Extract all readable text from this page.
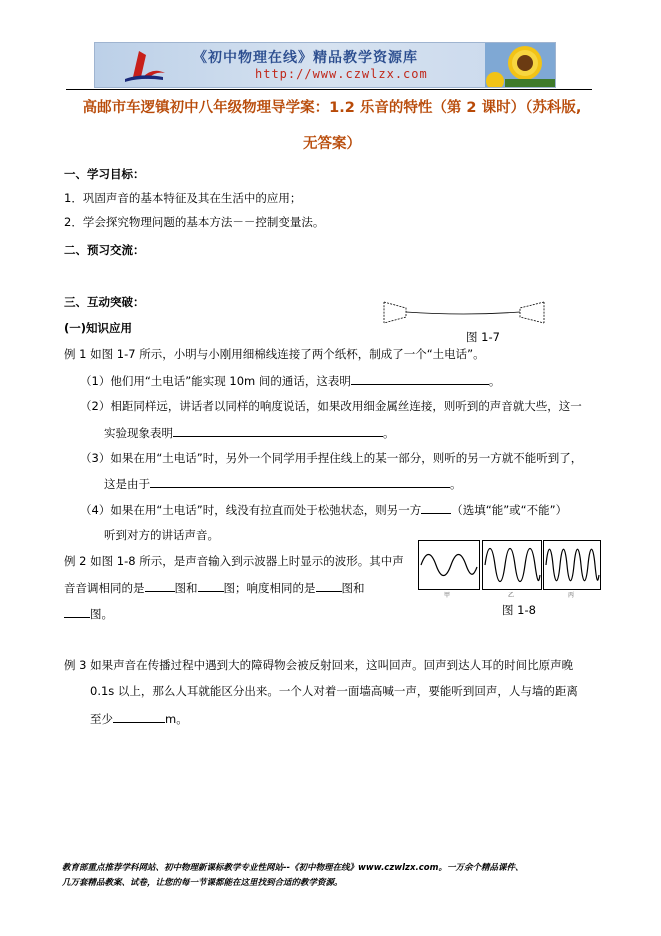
《初中物理在线》精品教学资源库
http://www.czwlzx.com
高邮市车逻镇初中八年级物理导学案：1.2 乐音的特性（第 2 课时）（苏科版,
无答案）
一、学习目标：
1．巩固声音的基本特征及其在生活中的应用；
2．学会探究物理问题的基本方法－－控制变量法。
二、预习交流：
三、互动突破：
(一)知识应用
图 1-7
例 1 如图 1-7 所示，小明与小刚用细棉线连接了两个纸杯，制成了一个“土电话”。
（1）他们用“土电话”能实现 10m 间的通话，这表明	。
（2）相距同样远，讲话者以同样的响度说话，如果改用细金属丝连接，则听到的声音就大些，这一
实验现象表明	。
（3）如果在用“土电话”时，另外一个同学用手捏住线上的某一部分，则听的另一方就不能听到了，
这是由于	。
（4）如果在用“土电话”时，线没有拉直而处于松弛状态，则另一方	（选填“能”或“不能”）
听到对方的讲话声音。
例 2 如图 1-8 所示，是声音输入到示波器上时显示的波形。其中声
音音调相同的是	图和 图；响度相同的是 图和
图。
甲	乙	丙
图 1-8
例 3 如果声音在传播过程中遇到大的障碍物会被反射回来，这叫回声。回声到达人耳的时间比原声晚
0.1s 以上，那么人耳就能区分出来。一个人对着一面墙高喊一声，要能听到回声，人与墙的距离
至少	m。
教育部重点推荐学科网站、初中物理新课标教学专业性网站--《初中物理在线》www.czwlzx.com。一万余个精品课件、
几万套精品教案、试卷，让您的每一节课都能在这里找到合适的教学资源。
